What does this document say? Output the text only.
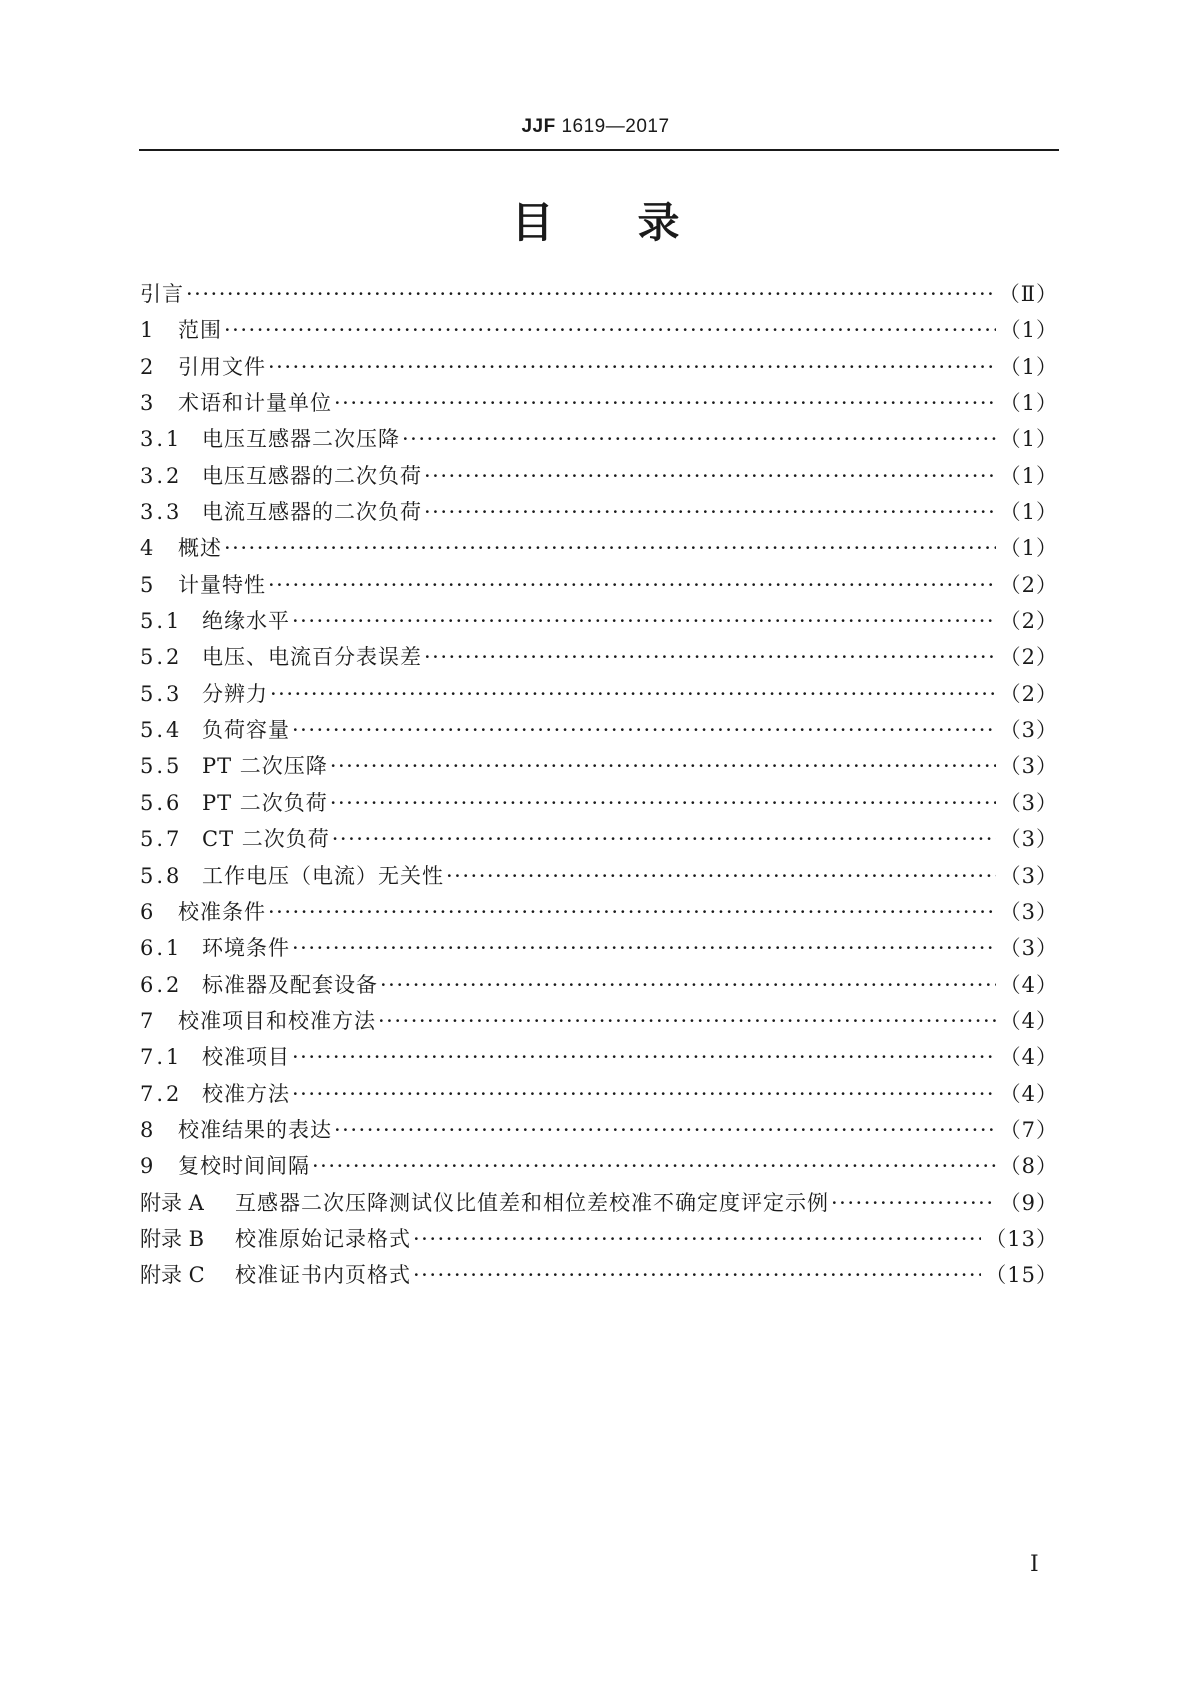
JJF 1619—2017
目录
引言 ·····	（Ⅱ）
1	范围 ·····	（1）
2	引用文件 ·····	（1）
3	术语和计量单位 ·····	（1）
3.1 电压互感器二次压降 ·····	（1）
3.2 电压互感器的二次负荷 ·····	（1）
3.3 电流互感器的二次负荷 ·····	（1）
4	概述 ·····	（1）
5	计量特性 ·····	（2）
5.1 绝缘水平 ·····	（2）
5.2 电压、电流百分表误差 ·····	（2）
5.3 分辨力 ·····	（2）
5.4 负荷容量 ·····	（3）
5.5 PT 二次压降 ·····	（3）
5.6 PT 二次负荷 ·····	（3）
5.7 CT 二次负荷 ·····	（3）
5.8 工作电压（电流）无关性 ·····	（3）
6	校准条件 ·····	（3）
6.1 环境条件 ·····	（3）
6.2 标准器及配套设备 ·····	（4）
7	校准项目和校准方法 ·····	（4）
7.1 校准项目 ·····	（4）
7.2 校准方法 ·····	（4）
8	校准结果的表达 ·····	（7）
9	复校时间间隔 ·····	（8）
附录 A	互感器二次压降测试仪比值差和相位差校准不确定度评定示例 ·····	（9）
附录 B	校准原始记录格式 ·····	（13）
附录 C	校准证书内页格式 ·····	（15）
Ⅰ
